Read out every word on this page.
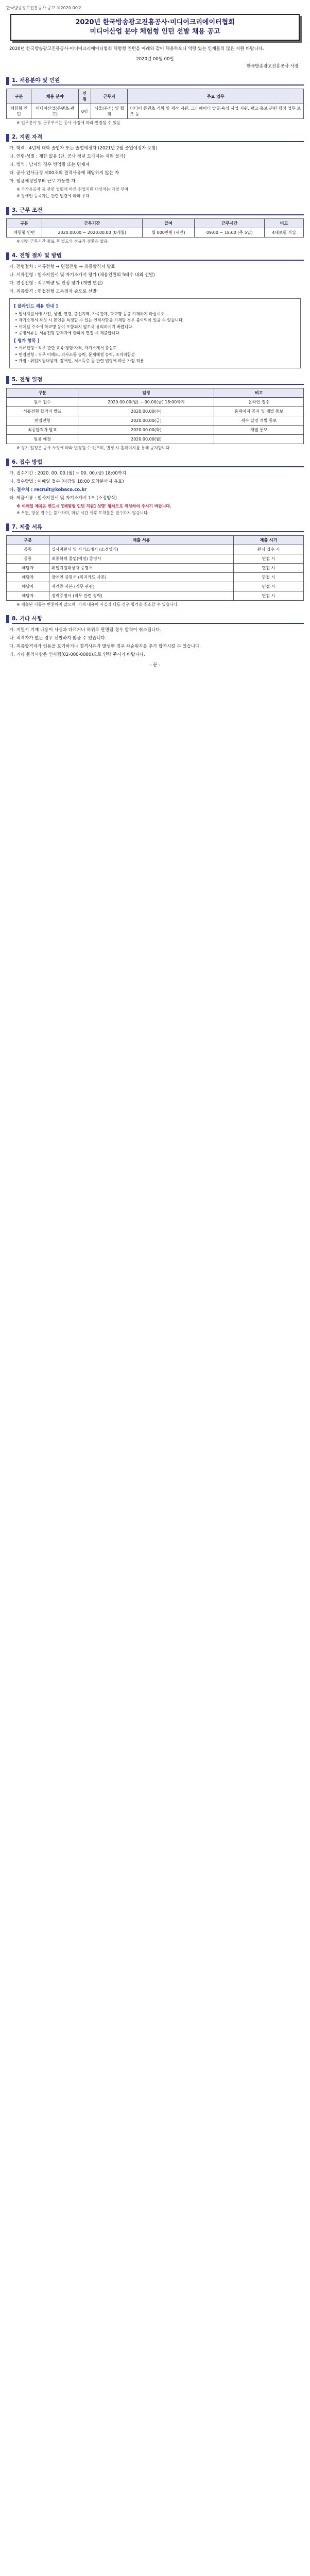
한국방송광고진흥공사 공고 제2020-00호
2020년 한국방송광고진흥공사·미디어크리에이터협회
미디어산업 분야 체험형 인턴 선발 채용 공고
2020년 한국방송광고진흥공사·미디어크리에이터협회 체험형 인턴을 아래와 같이 채용하오니 역량 있는 인재들의 많은 지원 바랍니다.
2020년 00월 00일
한국방송광고진흥공사 사장
1. 채용분야 및 인원
구분	채용 분야	인원	근무지	주요 업무
체험형 인턴	미디어산업(콘텐츠·광고)	0명	서울(본사) 및 협회	미디어 콘텐츠 기획 및 제작 지원, 크리에이터 발굴·육성 사업 지원, 광고·홍보 관련 행정 업무 보조 등
※ 업무분야 및 근무부서는 공사 사정에 따라 변경될 수 있음
2. 지원 자격
가. 학력 : 4년제 대학 졸업자 또는 졸업예정자 (2021년 2월 졸업예정자 포함)
나. 연령·성별 : 제한 없음 (단, 공사 정년 도래자는 지원 불가)
다. 병역 : 남자의 경우 병역필 또는 면제자
라. 공사 인사규정 제00조의 결격사유에 해당하지 않는 자
마. 임용예정일부터 근무 가능한 자
※ 국가유공자 등 관련 법령에 따른 취업지원 대상자는 가점 부여
※ 장애인 등록자는 관련 법령에 따라 우대
3. 근무 조건
구분	근무기간	급여	근무시간	비고
체험형 인턴	2020.00.00 ~ 2020.00.00 (0개월)	월 000만원 (세전)	09:00 ~ 18:00 (주 5일)	4대보험 가입
※ 인턴 근무기간 종료 후 별도의 정규직 전환은 없음
4. 전형 절차 및 방법
가. 전형절차 : 서류전형 → 면접전형 → 최종합격자 발표
나. 서류전형 : 입사지원서 및 자기소개서 평가 (채용인원의 5배수 내외 선발)
다. 면접전형 : 직무역량 및 인성 평가 (개별 면접)
라. 최종합격 : 면접전형 고득점자 순으로 선발
[ 블라인드 채용 안내 ]
• 입사지원서에 사진, 성별, 연령, 출신지역, 가족관계, 학교명 등을 기재하지 마십시오.
• 자기소개서 작성 시 본인을 특정할 수 있는 인적사항을 기재할 경우 불이익이 있을 수 있습니다.
• 이메일 주소에 학교명 등이 포함되지 않도록 유의하시기 바랍니다.
• 증빙서류는 서류전형 합격자에 한하여 면접 시 제출합니다.
[ 평가 항목 ]
• 서류전형 : 직무 관련 교육·경험·자격, 자기소개서 충실도
• 면접전형 : 직무 이해도, 의사소통 능력, 문제해결 능력, 조직적합성
• 가점 : 취업지원대상자, 장애인, 저소득층 등 관련 법령에 따른 가점 적용
5. 전형 일정
구분	일정	비고
원서 접수	2020.00.00(월) ~ 00.00(금) 18:00까지	온라인 접수
서류전형 합격자 발표	2020.00.00(수)	홈페이지 공지 및 개별 통보
면접전형	2020.00.00(금)	세부 일정 개별 통보
최종합격자 발표	2020.00.00(화)	개별 통보
임용 예정	2020.00.00(월)	
※ 상기 일정은 공사 사정에 따라 변경될 수 있으며, 변경 시 홈페이지를 통해 공지합니다.
6. 접수 방법
가. 접수기간 : 2020. 00. 00.(월) ~ 00. 00.(금) 18:00까지
나. 접수방법 : 이메일 접수 (마감일 18:00 도착분까지 유효)
다. 접수처 : recruit@kobaco.co.kr
라. 제출서류 : 입사지원서 및 자기소개서 1부 (소정양식)
※ 이메일 제목은 반드시 '[체험형 인턴 지원] 성명' 형식으로 작성하여 주시기 바랍니다.
※ 우편, 방문 접수는 불가하며, 마감 시간 이후 도착분은 접수하지 않습니다.
7. 제출 서류
구분	제출 서류	제출 시기
공통	입사지원서 및 자기소개서 (소정양식)	원서 접수 시
공통	최종학력 졸업(예정) 증명서	면접 시
해당자	취업지원대상자 증명서	면접 시
해당자	장애인 증명서 (복지카드 사본)	면접 시
해당자	자격증 사본 (직무 관련)	면접 시
해당자	경력증명서 (직무 관련 경력)	면접 시
※ 제출된 서류는 반환하지 않으며, 기재 내용이 사실과 다를 경우 합격을 취소할 수 있습니다.
8. 기타 사항
가. 지원서 기재 내용이 사실과 다르거나 허위로 판명될 경우 합격이 취소됩니다.
나. 적격자가 없는 경우 선발하지 않을 수 있습니다.
다. 최종합격자가 임용을 포기하거나 결격사유가 발생한 경우 차순위자를 추가 합격시킬 수 있습니다.
라. 기타 문의사항은 인사팀(02-000-0000)으로 연락 주시기 바랍니다.
- 끝 -
